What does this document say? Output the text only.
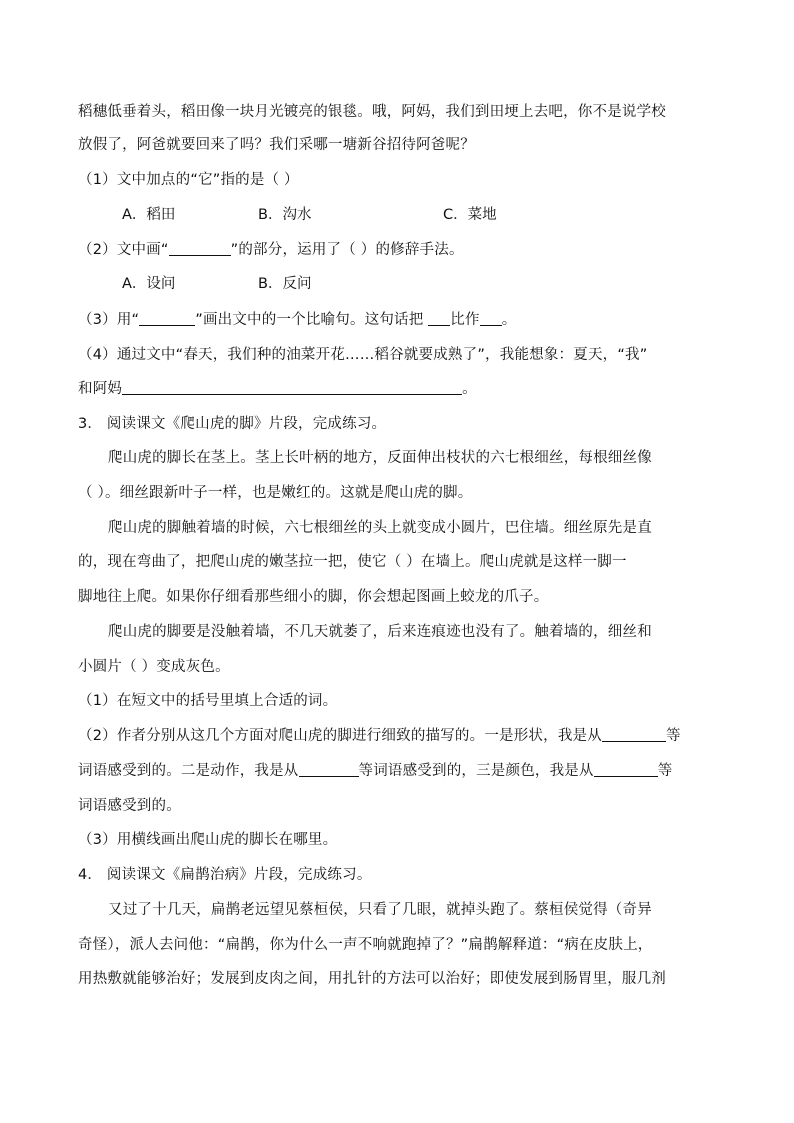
稻穗低垂着头，稻田像一块月光镀亮的银毯。哦，阿妈，我们到田埂上去吧，你不是说学校
放假了，阿爸就要回来了吗？我们采哪一塘新谷招待阿爸呢？
（1）文中加点的“它”指的是（ ）
A．稻田	B．沟水	C．菜地
（2）文中画“	”的部分，运用了（ ）的修辞手法。
A．设问	B．反问
（3）用“	”画出文中的一个比喻句。这句话把 比作 。
（4）通过文中“春天，我们种的油菜开花……稻谷就要成熟了”，我能想象：夏天，“我”
和阿妈	。
3． 阅读课文《爬山虎的脚》片段，完成练习。
爬山虎的脚长在茎上。茎上长叶柄的地方，反面伸出枝状的六七根细丝，每根细丝像
（ ）。细丝跟新叶子一样，也是嫩红的。这就是爬山虎的脚。
爬山虎的脚触着墙的时候，六七根细丝的头上就变成小圆片，巴住墙。细丝原先是直
的，现在弯曲了，把爬山虎的嫩茎拉一把，使它（ ）在墙上。爬山虎就是这样一脚一
脚地往上爬。如果你仔细看那些细小的脚，你会想起图画上蛟龙的爪子。
爬山虎的脚要是没触着墙，不几天就萎了，后来连痕迹也没有了。触着墙的，细丝和
小圆片（ ）变成灰色。
（1）在短文中的括号里填上合适的词。
（2）作者分别从这几个方面对爬山虎的脚进行细致的描写的。一是形状，我是从	等
词语感受到的。二是动作，我是从	等词语感受到的，三是颜色，我是从	等
词语感受到的。
（3）用横线画出爬山虎的脚长在哪里。
4． 阅读课文《扁鹊治病》片段，完成练习。
又过了十几天，扁鹊老远望见蔡桓侯，只看了几眼，就掉头跑了。蔡桓侯觉得（奇异
奇怪），派人去问他：“扁鹊，你为什么一声不响就跑掉了？”扁鹊解释道：“病在皮肤上，
用热敷就能够治好；发展到皮肉之间，用扎针的方法可以治好；即使发展到肠胃里，服几剂
